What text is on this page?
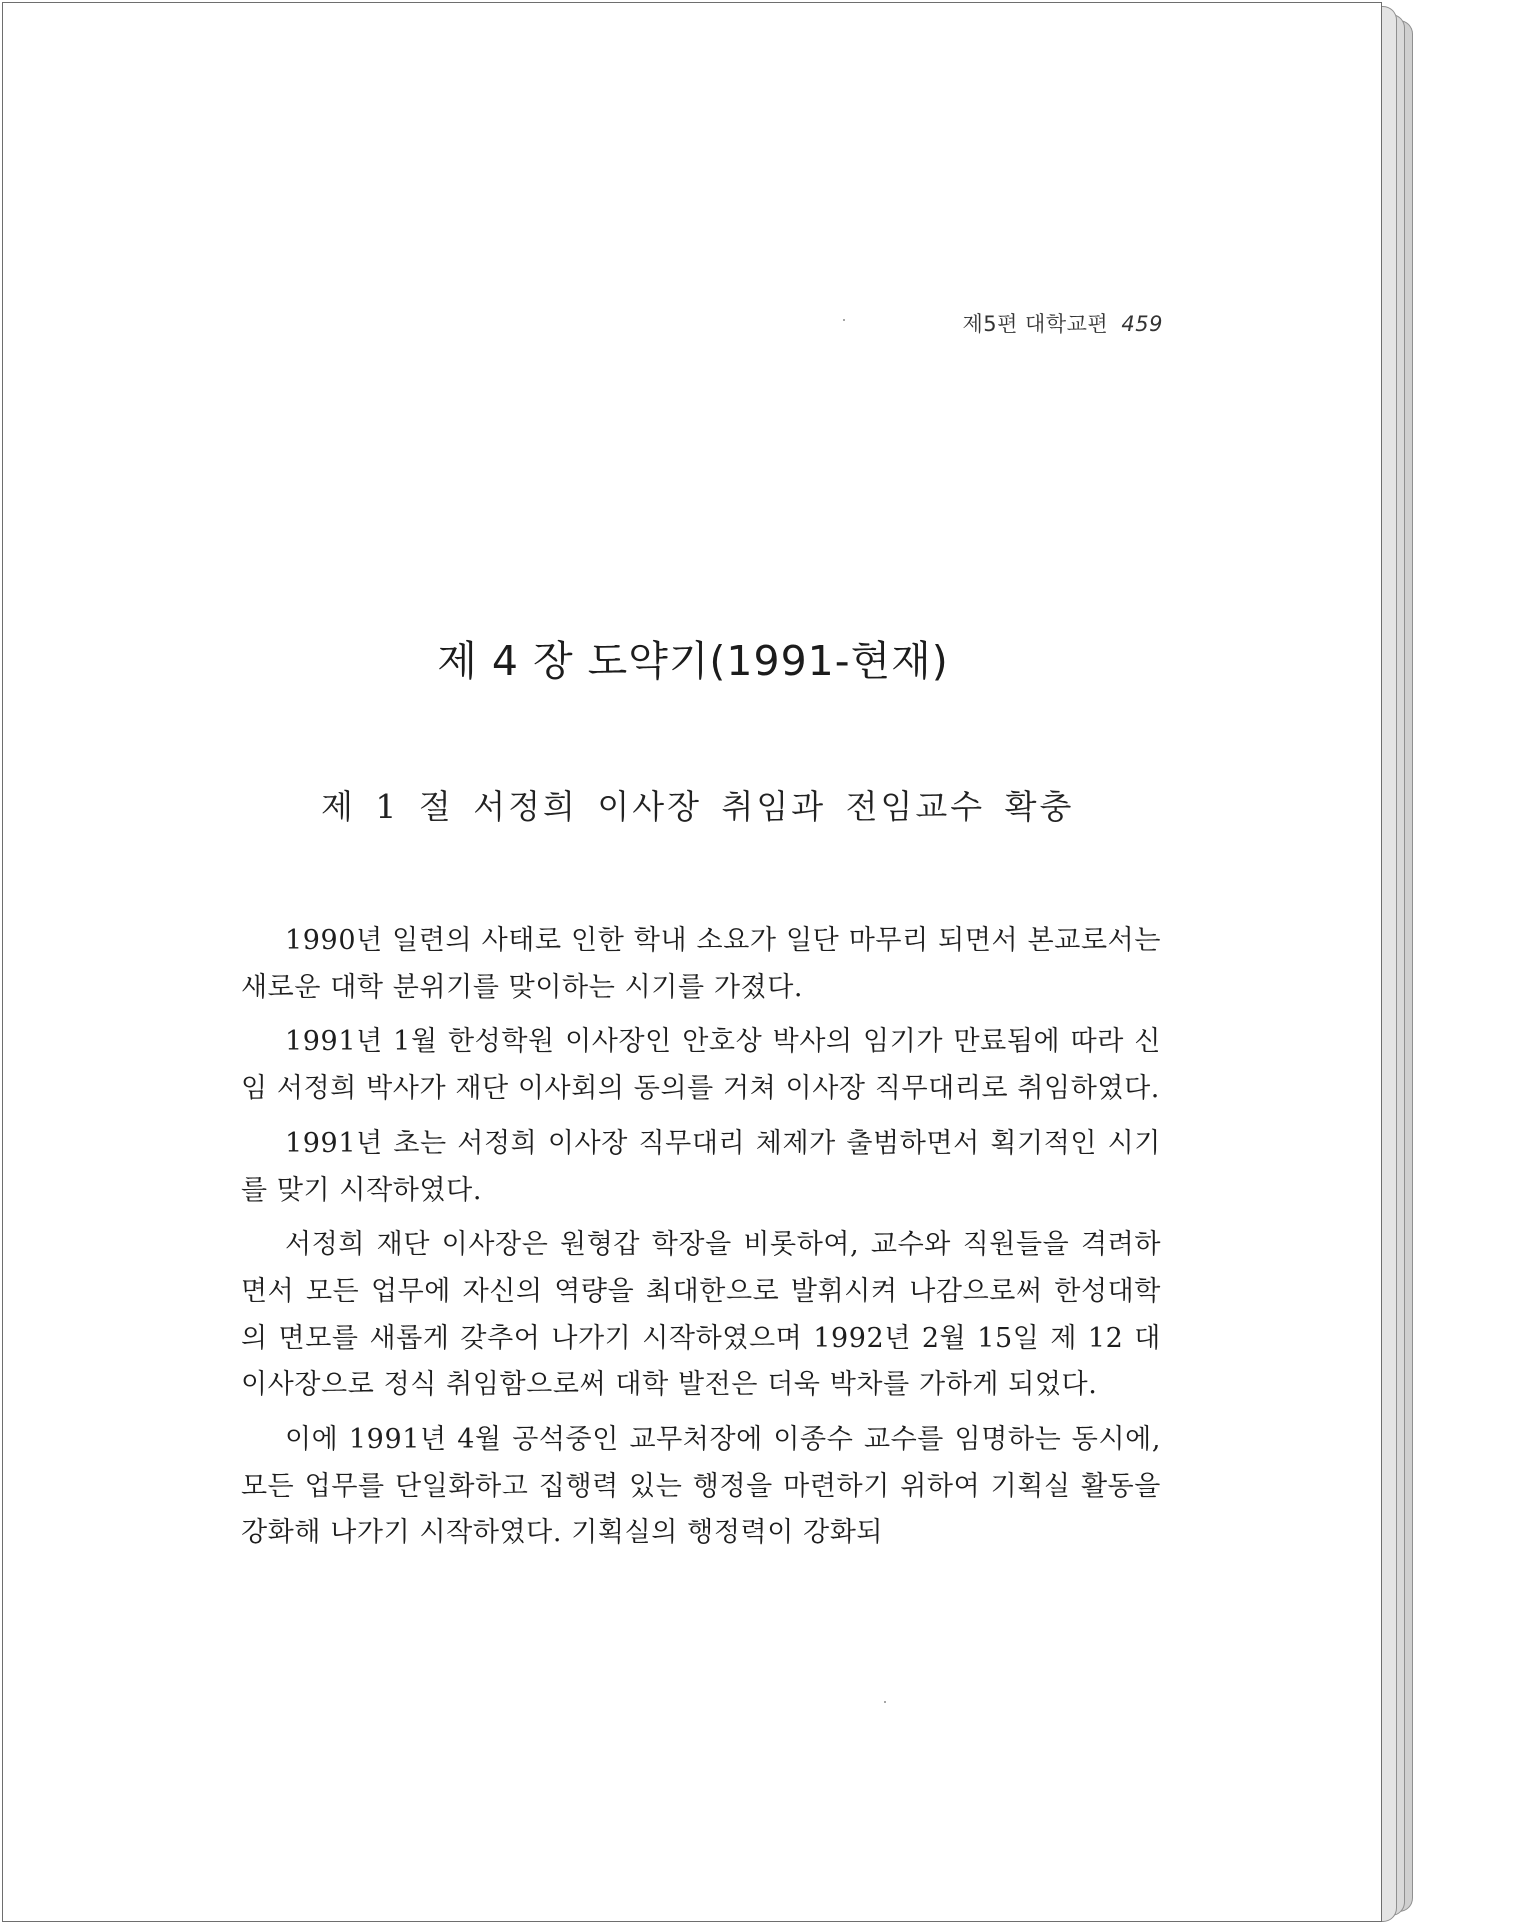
제5편 대학교편 459
제 4 장 도약기(1991-현재)
제 1 절 서정희 이사장 취임과 전임교수 확충

1990년 일련의 사태로 인한 학내 소요가 일단 마무리 되면서 본교로서는 새로운 대학 분위기를 맞이하는 시기를 가졌다.

1991년 1월 한성학원 이사장인 안호상 박사의 임기가 만료됨에 따라 신임 서정희 박사가 재단 이사회의 동의를 거쳐 이사장 직무대리로 취임하였다.

1991년 초는 서정희 이사장 직무대리 체제가 출범하면서 획기적인 시기를 맞기 시작하였다.

서정희 재단 이사장은 원형갑 학장을 비롯하여, 교수와 직원들을 격려하면서 모든 업무에 자신의 역량을 최대한으로 발휘시켜 나감으로써 한성대학의 면모를 새롭게 갖추어 나가기 시작하였으며 1992년 2월 15일 제 12 대 이사장으로 정식 취임함으로써 대학 발전은 더욱 박차를 가하게 되었다.

이에 1991년 4월 공석중인 교무처장에 이종수 교수를 임명하는 동시에, 모든 업무를 단일화하고 집행력 있는 행정을 마련하기 위하여 기획실 활동을 강화해 나가기 시작하였다. 기획실의 행정력이 강화되
